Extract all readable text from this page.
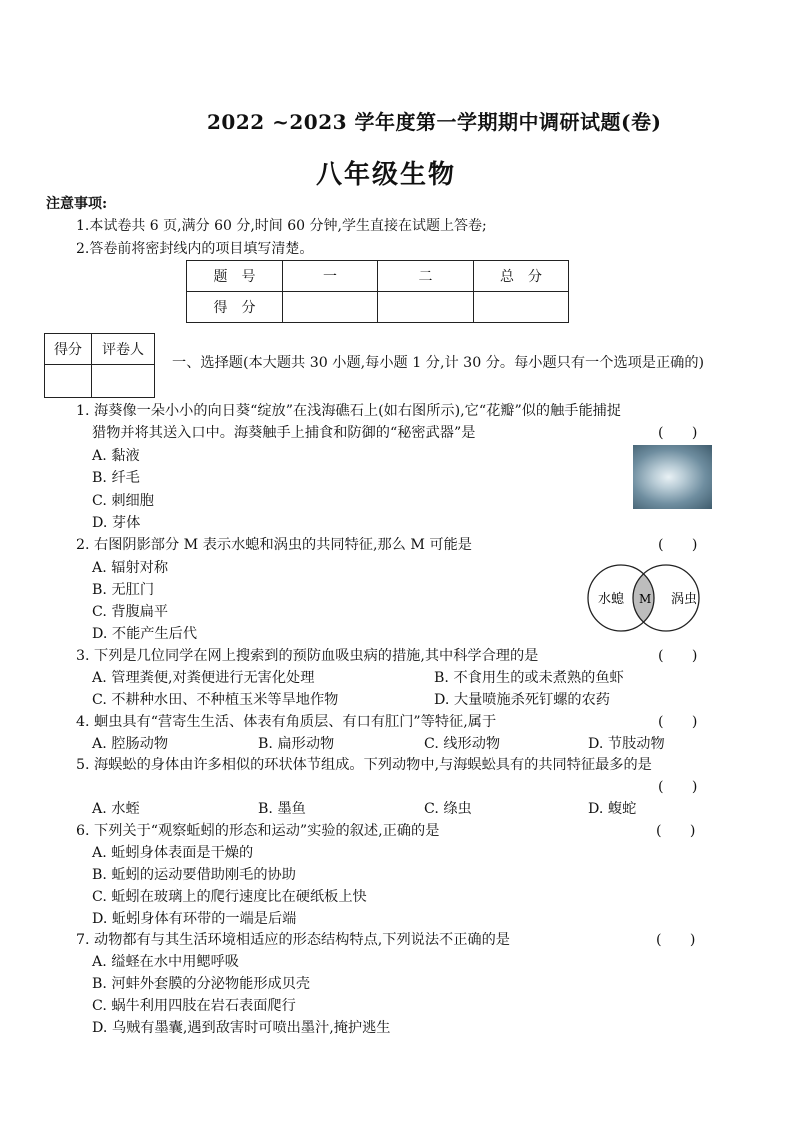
2022 ~2023 学年度第一学期期中调研试题(卷)
八年级生物
注意事项:
1.本试卷共 6 页,满分 60 分,时间 60 分钟,学生直接在试题上答卷;
2.答卷前将密封线内的项目填写清楚。
题　号	一	二	总　分
得　分			
得分	评卷人

一、选择题(本大题共 30 小题,每小题 1 分,计 30 分。每小题只有一个选项是正确的)
1. 海葵像一朵小小的向日葵“绽放”在浅海礁石上(如右图所示),它“花瓣”似的触手能捕捉
猎物并将其送入口中。海葵触手上捕食和防御的“秘密武器”是	(　　)
A. 黏液
B. 纤毛
C. 刺细胞
D. 芽体
2. 右图阴影部分 M 表示水螅和涡虫的共同特征,那么 M 可能是	(　　)
A. 辐射对称
B. 无肛门
C. 背腹扁平
D. 不能产生后代
水螅 M 涡虫
3. 下列是几位同学在网上搜索到的预防血吸虫病的措施,其中科学合理的是	(　　)
A. 管理粪便,对粪便进行无害化处理	B. 不食用生的或未煮熟的鱼虾
C. 不耕种水田、不种植玉米等旱地作物	D. 大量喷施杀死钉螺的农药
4. 蛔虫具有“营寄生生活、体表有角质层、有口有肛门”等特征,属于	(　　)
A. 腔肠动物	B. 扁形动物	C. 线形动物	D. 节肢动物
5. 海蜈蚣的身体由许多相似的环状体节组成。下列动物中,与海蜈蚣具有的共同特征最多的是
(　　)
A. 水蛭	B. 墨鱼	C. 绦虫	D. 蝮蛇
6. 下列关于“观察蚯蚓的形态和运动”实验的叙述,正确的是	(　　)
A. 蚯蚓身体表面是干燥的
B. 蚯蚓的运动要借助刚毛的协助
C. 蚯蚓在玻璃上的爬行速度比在硬纸板上快
D. 蚯蚓身体有环带的一端是后端
7. 动物都有与其生活环境相适应的形态结构特点,下列说法不正确的是	(　　)
A. 缢蛏在水中用鳃呼吸
B. 河蚌外套膜的分泌物能形成贝壳
C. 蜗牛利用四肢在岩石表面爬行
D. 乌贼有墨囊,遇到敌害时可喷出墨汁,掩护逃生
